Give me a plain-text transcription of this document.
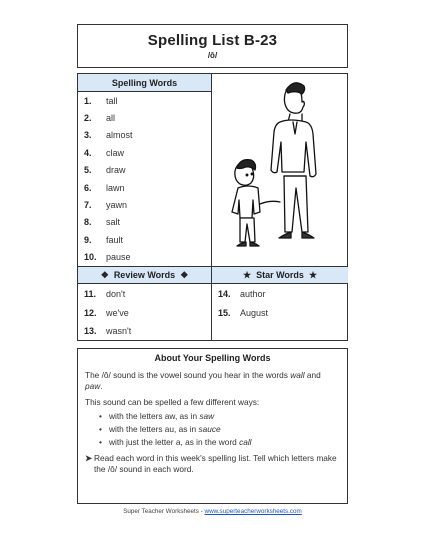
Spelling List B-23
/ô/
Spelling Words
1.	tall
2.	all
3.	almost
4.	claw
5.	draw
6.	lawn
7.	yawn
8.	salt
9.	fault
10.	pause
❖ Review Words ❖	★ Star Words ★
11.	don't
12.	we've
13.	wasn't
14.	author
15.	August
About Your Spelling Words
The /ô/ sound is the vowel sound you hear in the words wall and paw.
This sound can be spelled a few different ways:
• with the letters aw, as in saw
• with the letters au, as in sauce
• with just the letter a, as in the word call
➤ Read each word in this week's spelling list. Tell which letters make the /ô/ sound in each word.
Super Teacher Worksheets - www.superteacherworksheets.com
